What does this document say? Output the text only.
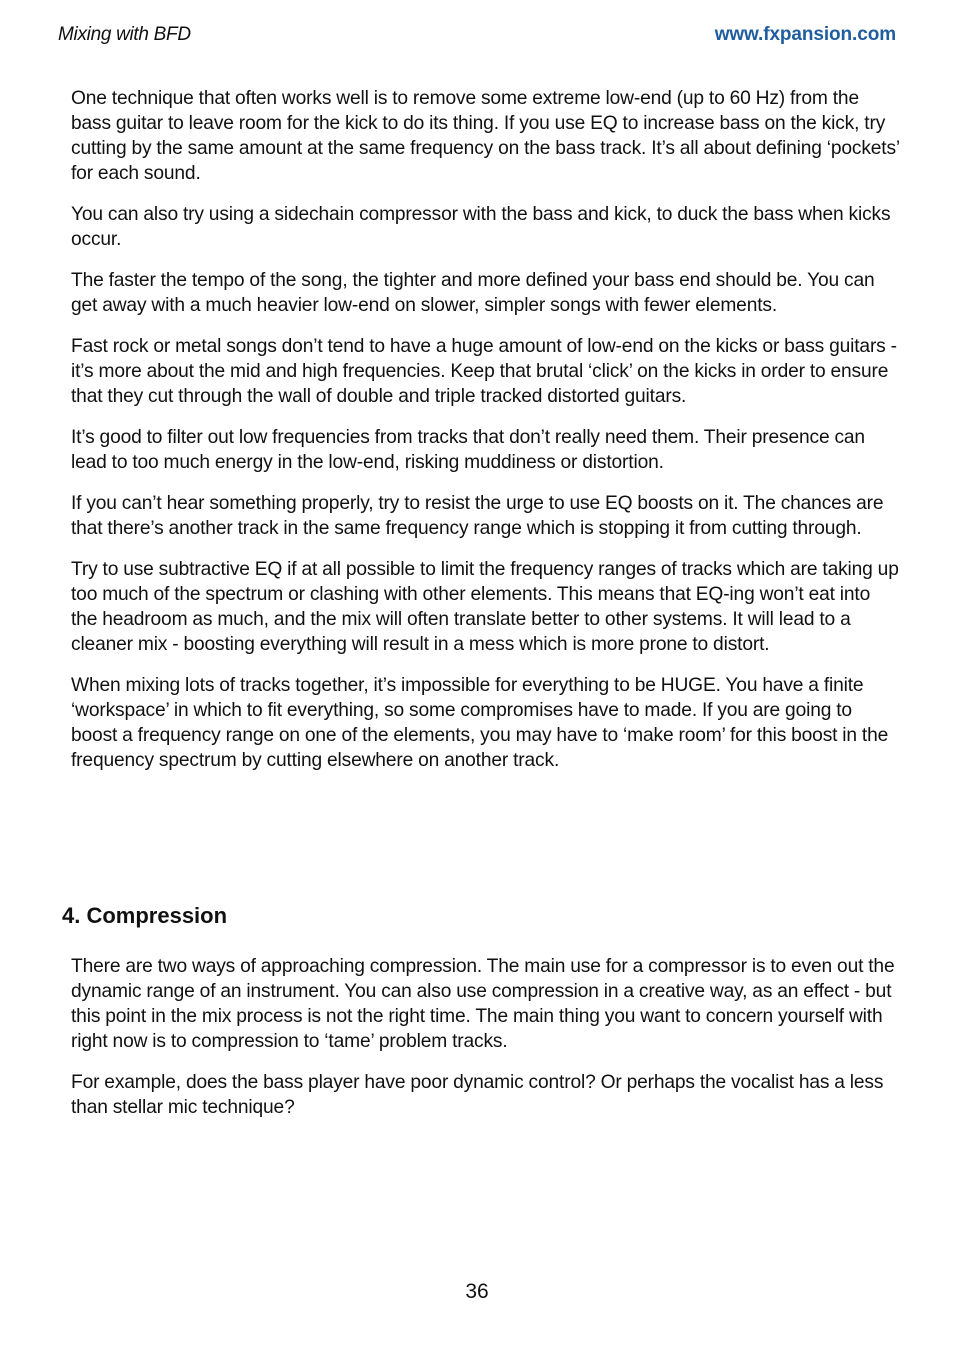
Mixing with BFD	www.fxpansion.com

One technique that often works well is to remove some extreme low-end (up to 60 Hz) from the bass guitar to leave room for the kick to do its thing. If you use EQ to increase bass on the kick, try cutting by the same amount at the same frequency on the bass track. It’s all about defining ‘pockets’ for each sound.

You can also try using a sidechain compressor with the bass and kick, to duck the bass when kicks occur.

The faster the tempo of the song, the tighter and more defined your bass end should be. You can get away with a much heavier low-end on slower, simpler songs with fewer elements.

Fast rock or metal songs don’t tend to have a huge amount of low-end on the kicks or bass guitars - it’s more about the mid and high frequencies. Keep that brutal ‘click’ on the kicks in order to ensure that they cut through the wall of double and triple tracked distorted guitars.

It’s good to filter out low frequencies from tracks that don’t really need them. Their presence can lead to too much energy in the low-end, risking muddiness or distortion.

If you can’t hear something properly, try to resist the urge to use EQ boosts on it. The chances are that there’s another track in the same frequency range which is stopping it from cutting through.

Try to use subtractive EQ if at all possible to limit the frequency ranges of tracks which are taking up too much of the spectrum or clashing with other elements. This means that EQ-ing won’t eat into the headroom as much, and the mix will often translate better to other systems. It will lead to a cleaner mix - boosting everything will result in a mess which is more prone to distort.

When mixing lots of tracks together, it’s impossible for everything to be HUGE. You have a finite ‘workspace’ in which to fit everything, so some compromises have to made. If you are going to boost a frequency range on one of the elements, you may have to ‘make room’ for this boost in the frequency spectrum by cutting elsewhere on another track.

4. Compression

There are two ways of approaching compression. The main use for a compressor is to even out the dynamic range of an instrument. You can also use compression in a creative way, as an effect - but this point in the mix process is not the right time. The main thing you want to concern yourself with right now is to compression to ‘tame’ problem tracks.

For example, does the bass player have poor dynamic control? Or perhaps the vocalist has a less than stellar mic technique?

36
